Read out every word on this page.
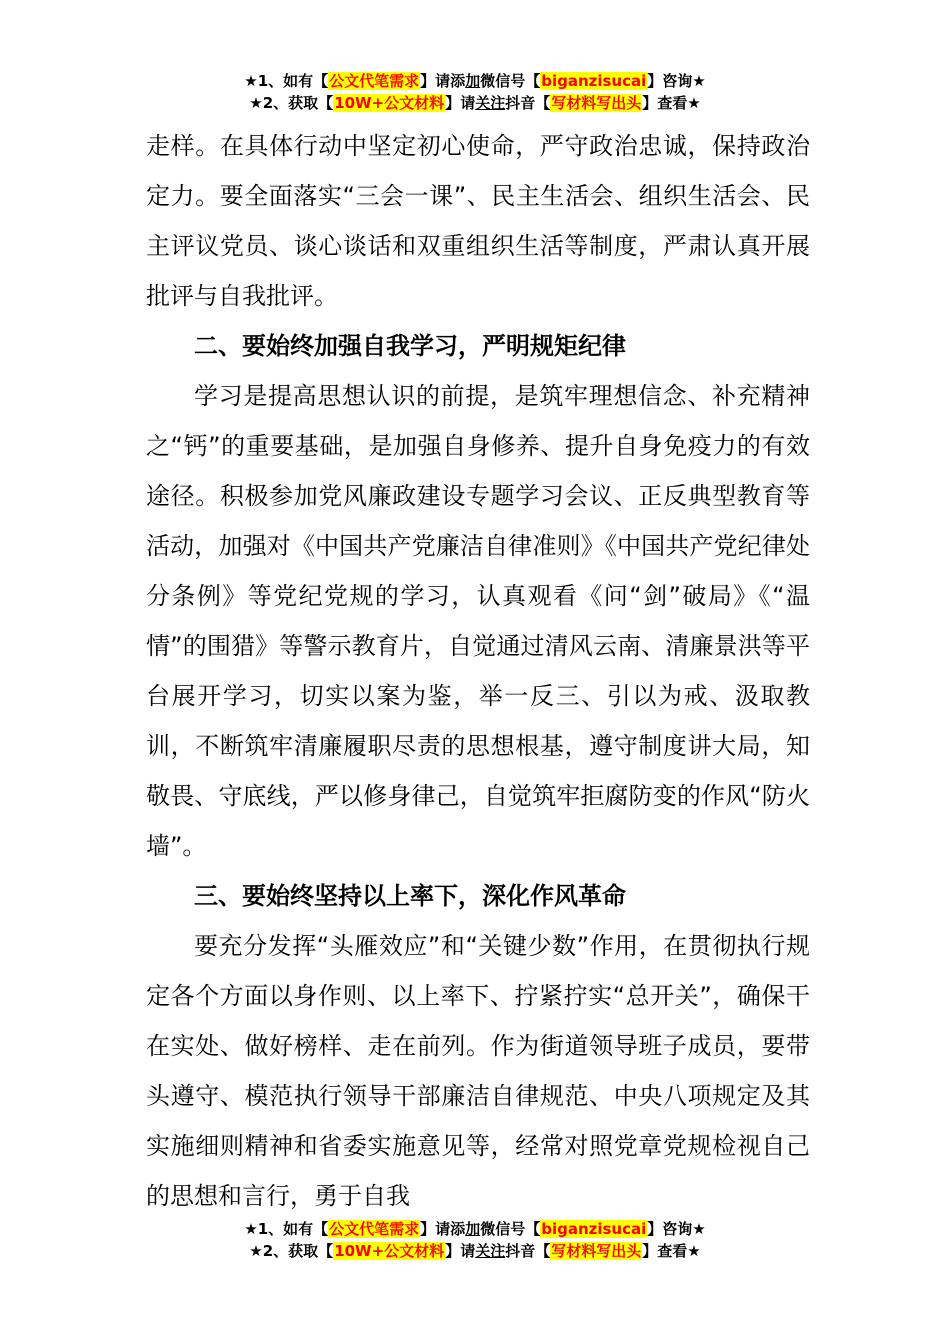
★1、如有【公文代笔需求】请添加微信号【biganzisucai】咨询★
★2、获取【10W+公文材料】请关注抖音【写材料写出头】查看★

走样。在具体行动中坚定初心使命，严守政治忠诚，保持政治定力。要全面落实“三会一课”、民主生活会、组织生活会、民主评议党员、谈心谈话和双重组织生活等制度，严肃认真开展批评与自我批评。

二、要始终加强自我学习，严明规矩纪律

学习是提高思想认识的前提，是筑牢理想信念、补充精神之“钙”的重要基础，是加强自身修养、提升自身免疫力的有效途径。积极参加党风廉政建设专题学习会议、正反典型教育等活动，加强对《中国共产党廉洁自律准则》《中国共产党纪律处分条例》等党纪党规的学习，认真观看《问“剑”破局》《“温情”的围猎》等警示教育片，自觉通过清风云南、清廉景洪等平台展开学习，切实以案为鉴，举一反三、引以为戒、汲取教训，不断筑牢清廉履职尽责的思想根基，遵守制度讲大局，知敬畏、守底线，严以修身律己，自觉筑牢拒腐防变的作风“防火墙”。

三、要始终坚持以上率下，深化作风革命

要充分发挥“头雁效应”和“关键少数”作用，在贯彻执行规定各个方面以身作则、以上率下、拧紧拧实“总开关”，确保干在实处、做好榜样、走在前列。作为街道领导班子成员，要带头遵守、模范执行领导干部廉洁自律规范、中央八项规定及其实施细则精神和省委实施意见等，经常对照党章党规检视自己的思想和言行，勇于自我

★1、如有【公文代笔需求】请添加微信号【biganzisucai】咨询★
★2、获取【10W+公文材料】请关注抖音【写材料写出头】查看★
